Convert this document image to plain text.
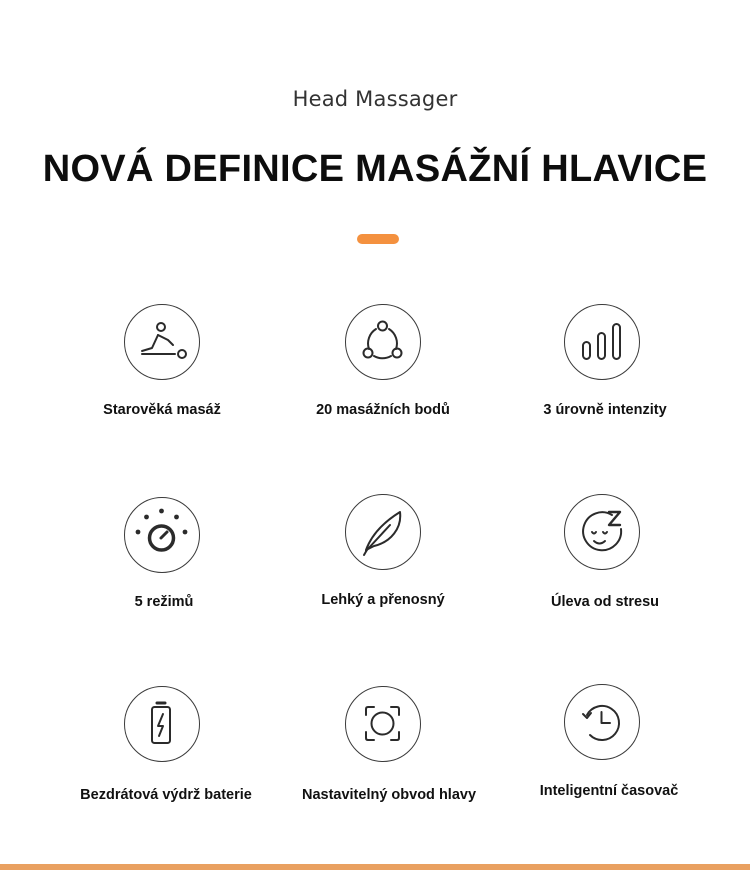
Head Massager
NOVÁ DEFINICE MASÁŽNÍ HLAVICE
Starověká masáž	20 masážních bodů	3 úrovně intenzity
5 režimů	Lehký a přenosný	Úleva od stresu
Bezdrátová výdrž baterie	Nastavitelný obvod hlavy	Inteligentní časovač
